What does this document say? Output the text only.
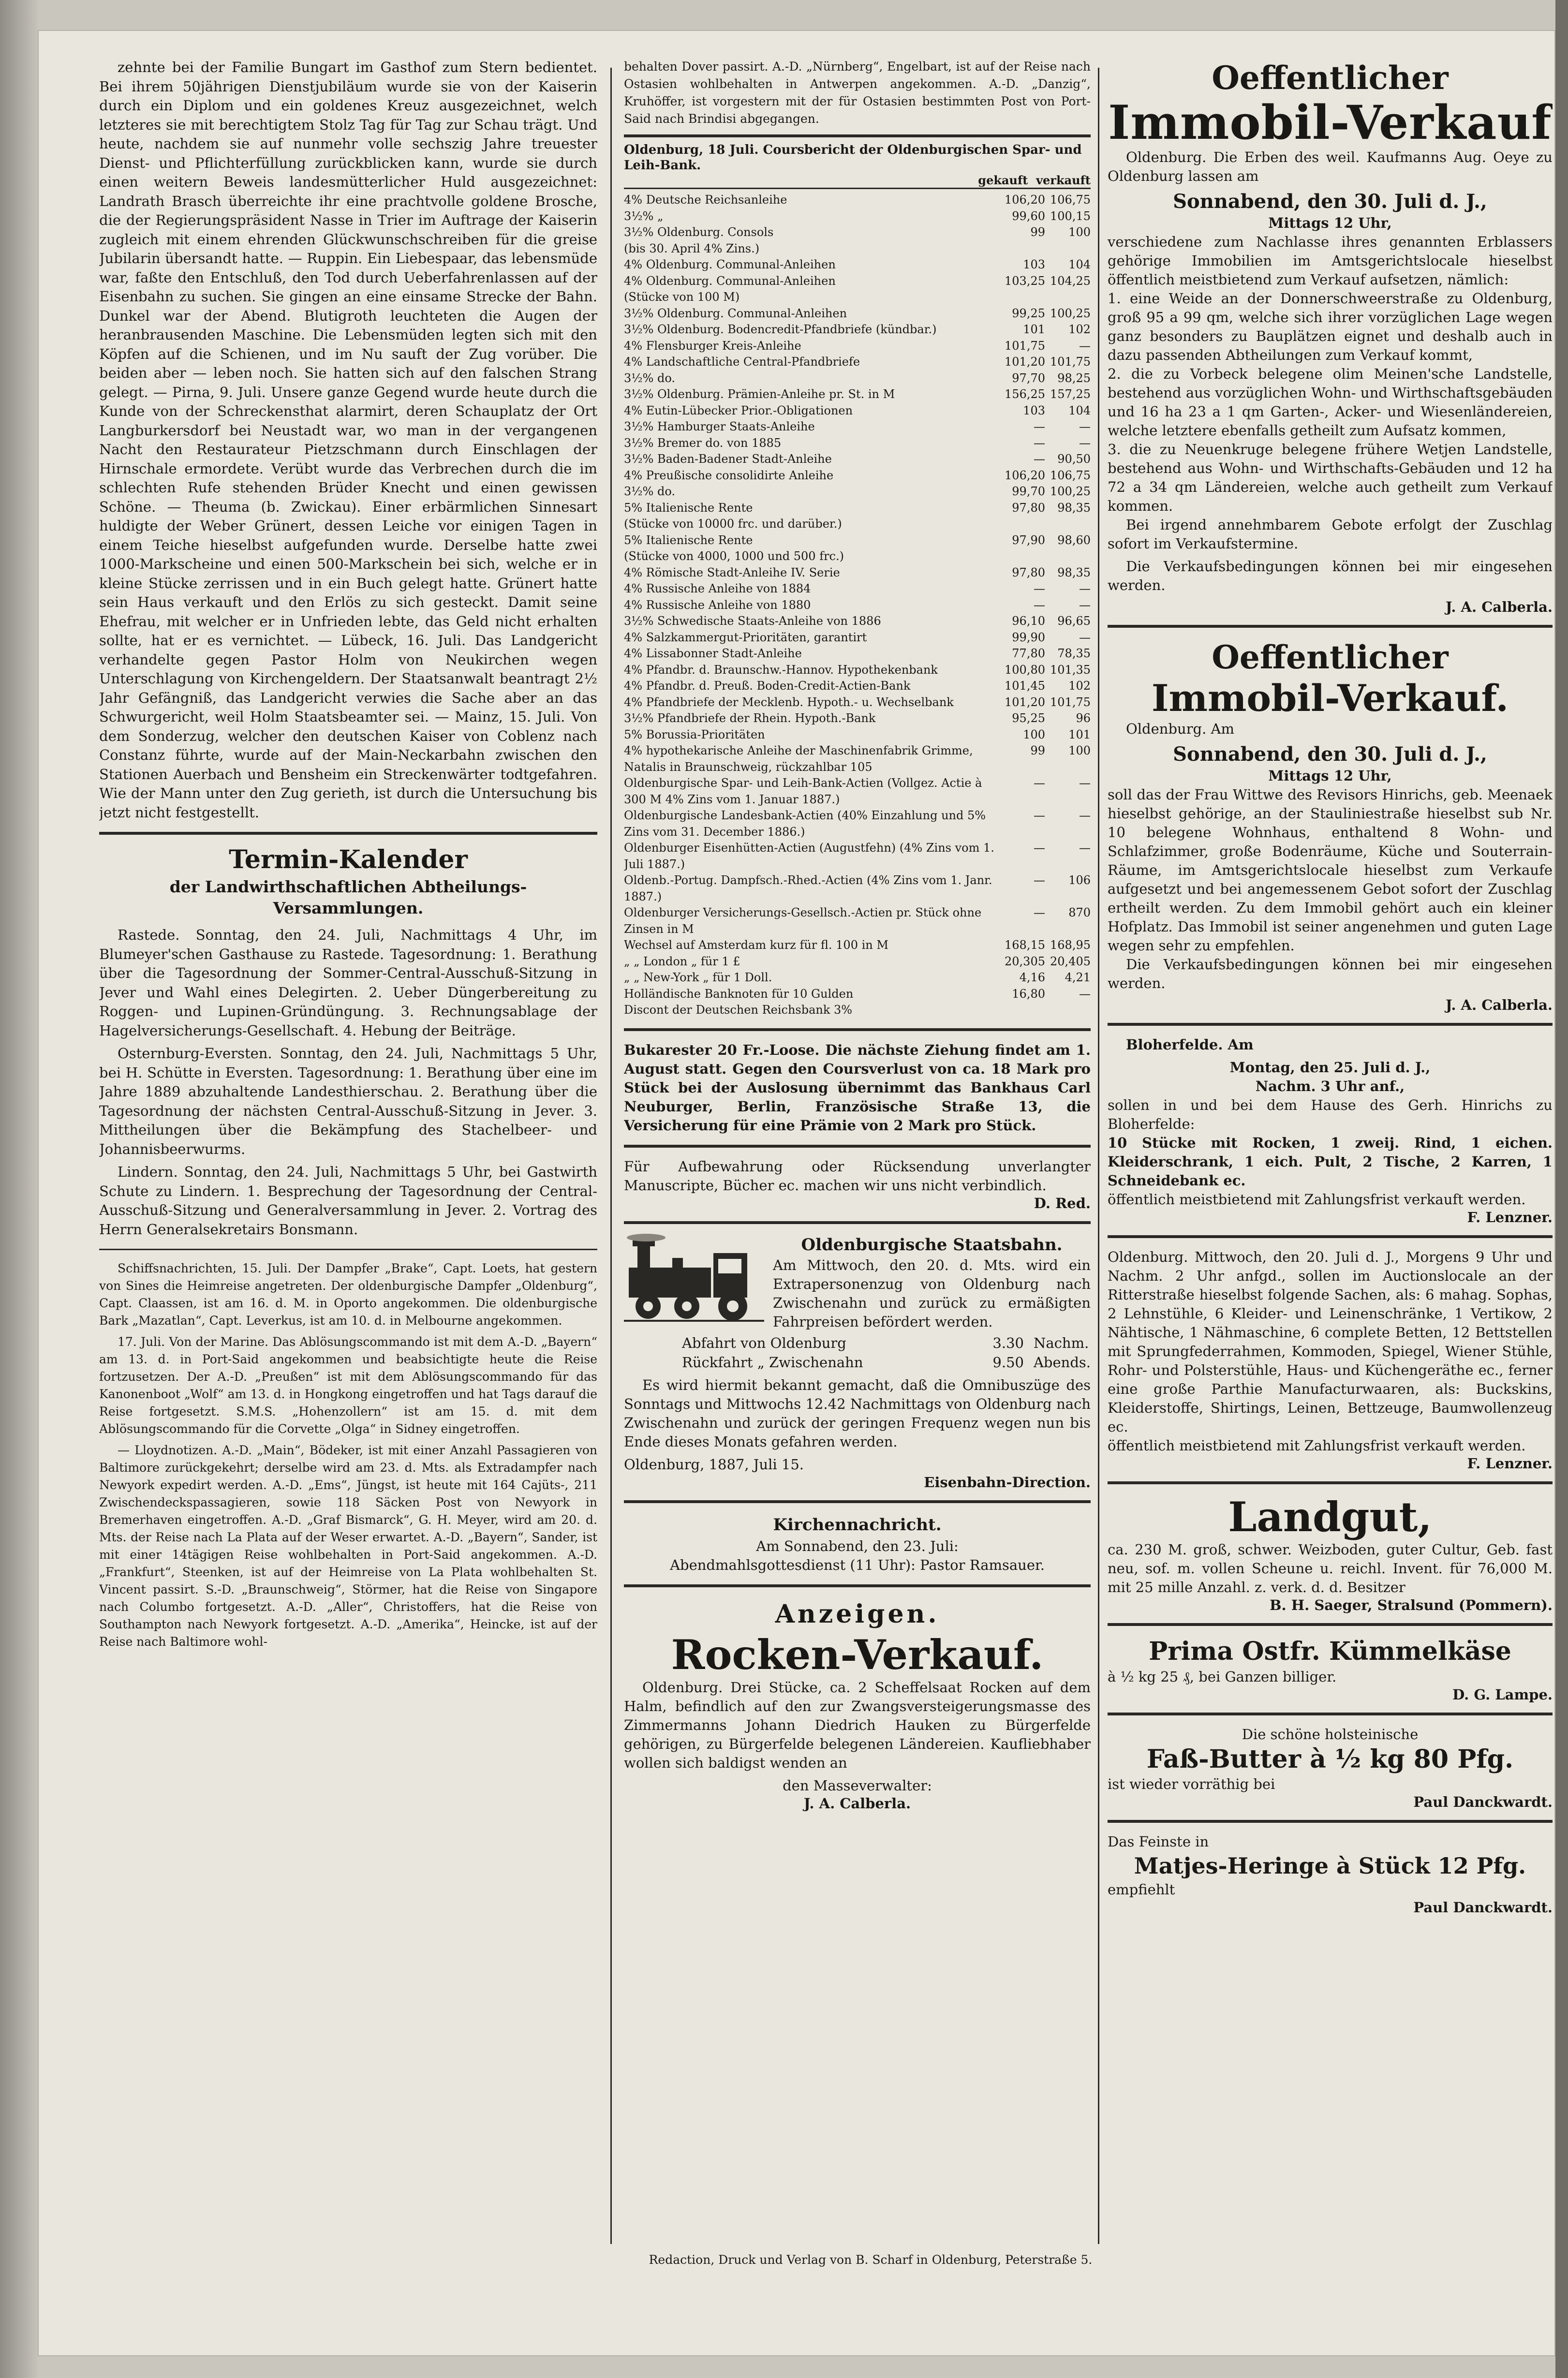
zehnte bei der Familie Bungart im Gasthof zum Stern bedientet. Bei ihrem 50jährigen Dienstjubiläum wurde sie von der Kaiserin durch ein Diplom und ein goldenes Kreuz ausgezeichnet, welch letzteres sie mit berechtigtem Stolz Tag für Tag zur Schau trägt. Und heute, nachdem sie auf nunmehr volle sechszig Jahre treuester Dienst- und Pflichterfüllung zurückblicken kann, wurde sie durch einen weitern Beweis landesmütterlicher Huld ausgezeichnet: Landrath Brasch überreichte ihr eine prachtvolle goldene Brosche, die der Regierungspräsident Nasse in Trier im Auftrage der Kaiserin zugleich mit einem ehrenden Glückwunschschreiben für die greise Jubilarin übersandt hatte. — Ruppin. Ein Liebespaar, das lebensmüde war, faßte den Entschluß, den Tod durch Ueberfahrenlassen auf der Eisenbahn zu suchen. Sie gingen an eine einsame Strecke der Bahn. Dunkel war der Abend. Blutigroth leuchteten die Augen der heranbrausenden Maschine. Die Lebensmüden legten sich mit den Köpfen auf die Schienen, und im Nu sauft der Zug vorüber. Die beiden aber — leben noch. Sie hatten sich auf den falschen Strang gelegt. — Pirna, 9. Juli. Unsere ganze Gegend wurde heute durch die Kunde von der Schreckensthat alarmirt, deren Schauplatz der Ort Langburkersdorf bei Neustadt war, wo man in der vergangenen Nacht den Restaurateur Pietzschmann durch Einschlagen der Hirnschale ermordete. Verübt wurde das Verbrechen durch die im schlechten Rufe stehenden Brüder Knecht und einen gewissen Schöne. — Theuma (b. Zwickau). Einer erbärmlichen Sinnesart huldigte der Weber Grünert, dessen Leiche vor einigen Tagen in einem Teiche hieselbst aufgefunden wurde. Derselbe hatte zwei 1000-Markscheine und einen 500-Markschein bei sich, welche er in kleine Stücke zerrissen und in ein Buch gelegt hatte. Grünert hatte sein Haus verkauft und den Erlös zu sich gesteckt. Damit seine Ehefrau, mit welcher er in Unfrieden lebte, das Geld nicht erhalten sollte, hat er es vernichtet. — Lübeck, 16. Juli. Das Landgericht verhandelte gegen Pastor Holm von Neukirchen wegen Unterschlagung von Kirchengeldern. Der Staatsanwalt beantragt 2½ Jahr Gefängniß, das Landgericht verwies die Sache aber an das Schwurgericht, weil Holm Staatsbeamter sei. — Mainz, 15. Juli. Von dem Sonderzug, welcher den deutschen Kaiser von Coblenz nach Constanz führte, wurde auf der Main-Neckarbahn zwischen den Stationen Auerbach und Bensheim ein Streckenwärter todtgefahren. Wie der Mann unter den Zug gerieth, ist durch die Untersuchung bis jetzt nicht festgestellt.

Termin-Kalender
der Landwirthschaftlichen Abtheilungs-Versammlungen.

Rastede. Sonntag, den 24. Juli, Nachmittags 4 Uhr, im Blumeyer'schen Gasthause zu Rastede. Tagesordnung: 1. Berathung über die Tagesordnung der Sommer-Central-Ausschuß-Sitzung in Jever und Wahl eines Delegirten. 2. Ueber Düngerbereitung zu Roggen- und Lupinen-Gründüngung. 3. Rechnungsablage der Hagelversicherungs-Gesellschaft. 4. Hebung der Beiträge.

Osternburg-Eversten. Sonntag, den 24. Juli, Nachmittags 5 Uhr, bei H. Schütte in Eversten. Tagesordnung: 1. Berathung über eine im Jahre 1889 abzuhaltende Landesthierschau. 2. Berathung über die Tagesordnung der nächsten Central-Ausschuß-Sitzung in Jever. 3. Mittheilungen über die Bekämpfung des Stachelbeer- und Johannisbeerwurms.

Lindern. Sonntag, den 24. Juli, Nachmittags 5 Uhr, bei Gastwirth Schute zu Lindern. 1. Besprechung der Tagesordnung der Central-Ausschuß-Sitzung und Generalversammlung in Jever. 2. Vortrag des Herrn Generalsekretairs Bonsmann.

Schiffsnachrichten, 15. Juli. Der Dampfer „Brake“, Capt. Loets, hat gestern von Sines die Heimreise angetreten. Der oldenburgische Dampfer „Oldenburg“, Capt. Claassen, ist am 16. d. M. in Oporto angekommen. Die oldenburgische Bark „Mazatlan“, Capt. Leverkus, ist am 10. d. in Melbourne angekommen.

17. Juli. Von der Marine. Das Ablösungscommando ist mit dem A.-D. „Bayern“ am 13. d. in Port-Said angekommen und beabsichtigte heute die Reise fortzusetzen. Der A.-D. „Preußen“ ist mit dem Ablösungscommando für das Kanonenboot „Wolf“ am 13. d. in Hongkong eingetroffen und hat Tags darauf die Reise fortgesetzt. S.M.S. „Hohenzollern“ ist am 15. d. mit dem Ablösungscommando für die Corvette „Olga“ in Sidney eingetroffen.

— Lloydnotizen. A.-D. „Main“, Bödeker, ist mit einer Anzahl Passagieren von Baltimore zurückgekehrt; derselbe wird am 23. d. Mts. als Extradampfer nach Newyork expedirt werden. A.-D. „Ems“, Jüngst, ist heute mit 164 Cajüts-, 211 Zwischendeckspassagieren, sowie 118 Säcken Post von Newyork in Bremerhaven eingetroffen. A.-D. „Graf Bismarck“, G. H. Meyer, wird am 20. d. Mts. der Reise nach La Plata auf der Weser erwartet. A.-D. „Bayern“, Sander, ist mit einer 14tägigen Reise wohlbehalten in Port-Said angekommen. A.-D. „Frankfurt“, Steenken, ist auf der Heimreise von La Plata wohlbehalten St. Vincent passirt. S.-D. „Braunschweig“, Störmer, hat die Reise von Singapore nach Columbo fortgesetzt. A.-D. „Aller“, Christoffers, hat die Reise von Southampton nach Newyork fortgesetzt. A.-D. „Amerika“, Heincke, ist auf der Reise nach Baltimore wohl-

behalten Dover passirt. A.-D. „Nürnberg“, Engelbart, ist auf der Reise nach Ostasien wohlbehalten in Antwerpen angekommen. A.-D. „Danzig“, Kruhöffer, ist vorgestern mit der für Ostasien bestimmten Post von Port-Said nach Brindisi abgegangen.

Oldenburg, 18 Juli. Coursbericht der Oldenburgischen Spar- und Leih-Bank.
gekauft verkauft
4% Deutsche Reichsanleihe	106,20	106,75
3½% „	99,60	100,15
3½% Oldenburg. Consols	99	100
(bis 30. April 4% Zins.)		
4% Oldenburg. Communal-Anleihen	103	104
4% Oldenburg. Communal-Anleihen	103,25	104,25
(Stücke von 100 M)		
3½% Oldenburg. Communal-Anleihen	99,25	100,25
3½% Oldenburg. Bodencredit-Pfandbriefe (kündbar.)	101	102
4% Flensburger Kreis-Anleihe	101,75	—
4% Landschaftliche Central-Pfandbriefe	101,20	101,75
3½% do.	97,70	98,25
3½% Oldenburg. Prämien-Anleihe pr. St. in M	156,25	157,25
4% Eutin-Lübecker Prior.-Obligationen	103	104
3½% Hamburger Staats-Anleihe	—	—
3½% Bremer do. von 1885	—	—
3½% Baden-Badener Stadt-Anleihe	—	90,50
4% Preußische consolidirte Anleihe	106,20	106,75
3½% do.	99,70	100,25
5% Italienische Rente	97,80	98,35
(Stücke von 10000 frc. und darüber.)		
5% Italienische Rente	97,90	98,60
(Stücke von 4000, 1000 und 500 frc.)		
4% Römische Stadt-Anleihe IV. Serie	97,80	98,35
4% Russische Anleihe von 1884	—	—
4% Russische Anleihe von 1880	—	—
3½% Schwedische Staats-Anleihe von 1886	96,10	96,65
4% Salzkammergut-Prioritäten, garantirt	99,90	—
4% Lissabonner Stadt-Anleihe	77,80	78,35
4% Pfandbr. d. Braunschw.-Hannov. Hypothekenbank	100,80	101,35
4% Pfandbr. d. Preuß. Boden-Credit-Actien-Bank	101,45	102
4% Pfandbriefe der Mecklenb. Hypoth.- u. Wechselbank	101,20	101,75
3½% Pfandbriefe der Rhein. Hypoth.-Bank	95,25	96
5% Borussia-Prioritäten	100	101
4% hypothekarische Anleihe der Maschinenfabrik Grimme, Natalis in Braunschweig, rückzahlbar 105	99	100
Oldenburgische Spar- und Leih-Bank-Actien (Vollgez. Actie à 300 M 4% Zins vom 1. Januar 1887.)	—	—
Oldenburgische Landesbank-Actien (40% Einzahlung und 5% Zins vom 31. December 1886.)	—	—
Oldenburger Eisenhütten-Actien (Augustfehn) (4% Zins vom 1. Juli 1887.)	—	—
Oldenb.-Portug. Dampfsch.-Rhed.-Actien (4% Zins vom 1. Janr. 1887.)	—	106
Oldenburger Versicherungs-Gesellsch.-Actien pr. Stück ohne Zinsen in M	—	870
Wechsel auf Amsterdam kurz für fl. 100 in M	168,15	168,95
„ „ London „ für 1 £	20,305	20,405
„ „ New-York „ für 1 Doll.	4,16	4,21
Holländische Banknoten für 10 Gulden	16,80	—
Discont der Deutschen Reichsbank 3%		

Bukarester 20 Fr.-Loose. Die nächste Ziehung findet am 1. August statt. Gegen den Coursverlust von ca. 18 Mark pro Stück bei der Auslosung übernimmt das Bankhaus Carl Neuburger, Berlin, Französische Straße 13, die Versicherung für eine Prämie von 2 Mark pro Stück.

Für Aufbewahrung oder Rücksendung unverlangter Manuscripte, Bücher ec. machen wir uns nicht verbindlich.

D. Red.
Oldenburgische Staatsbahn.

Am Mittwoch, den 20. d. Mts. wird ein Extrapersonenzug von Oldenburg nach Zwischenahn und zurück zu ermäßigten Fahrpreisen befördert werden.

Abfahrt von Oldenburg	3.30 Nachm.
Rückfahrt „ Zwischenahn	9.50 Abends.

Es wird hiermit bekannt gemacht, daß die Omnibuszüge des Sonntags und Mittwochs 12.42 Nachmittags von Oldenburg nach Zwischenahn und zurück der geringen Frequenz wegen nun bis Ende dieses Monats gefahren werden.

Oldenburg, 1887, Juli 15.

Eisenbahn-Direction.
Kirchennachricht.

Am Sonnabend, den 23. Juli:

Abendmahlsgottesdienst (11 Uhr): Pastor Ramsauer.

Anzeigen.
Rocken-Verkauf.

Oldenburg. Drei Stücke, ca. 2 Scheffelsaat Rocken auf dem Halm, befindlich auf den zur Zwangsversteigerungsmasse des Zimmermanns Johann Diedrich Hauken zu Bürgerfelde gehörigen, zu Bürgerfelde belegenen Ländereien. Kaufliebhaber wollen sich baldigst wenden an

den Masseverwalter:

J. A. Calberla.
Oeffentlicher
Immobil-Verkauf

Oldenburg. Die Erben des weil. Kaufmanns Aug. Oeye zu Oldenburg lassen am

Sonnabend, den 30. Juli d. J.,
Mittags 12 Uhr,

verschiedene zum Nachlasse ihres genannten Erblassers gehörige Immobilien im Amtsgerichtslocale hieselbst öffentlich meistbietend zum Verkauf aufsetzen, nämlich:

1. eine Weide an der Donnerschweerstraße zu Oldenburg, groß 95 a 99 qm, welche sich ihrer vorzüglichen Lage wegen ganz besonders zu Bauplätzen eignet und deshalb auch in dazu passenden Abtheilungen zum Verkauf kommt,

2. die zu Vorbeck belegene olim Meinen'sche Landstelle, bestehend aus vorzüglichen Wohn- und Wirthschaftsgebäuden und 16 ha 23 a 1 qm Garten-, Acker- und Wiesenländereien, welche letztere ebenfalls getheilt zum Aufsatz kommen,

3. die zu Neuenkruge belegene frühere Wetjen Landstelle, bestehend aus Wohn- und Wirthschafts-Gebäuden und 12 ha 72 a 34 qm Ländereien, welche auch getheilt zum Verkauf kommen.

Bei irgend annehmbarem Gebote erfolgt der Zuschlag sofort im Verkaufstermine.

Die Verkaufsbedingungen können bei mir eingesehen werden.

J. A. Calberla.
Oeffentlicher
Immobil-Verkauf.

Oldenburg. Am

Sonnabend, den 30. Juli d. J.,
Mittags 12 Uhr,

soll das der Frau Wittwe des Revisors Hinrichs, geb. Meenaek hieselbst gehörige, an der Stauliniestraße hieselbst sub Nr. 10 belegene Wohnhaus, enthaltend 8 Wohn- und Schlafzimmer, große Bodenräume, Küche und Souterrain-Räume, im Amtsgerichtslocale hieselbst zum Verkaufe aufgesetzt und bei angemessenem Gebot sofort der Zuschlag ertheilt werden. Zu dem Immobil gehört auch ein kleiner Hofplatz. Das Immobil ist seiner angenehmen und guten Lage wegen sehr zu empfehlen.

Die Verkaufsbedingungen können bei mir eingesehen werden.

J. A. Calberla.

Bloherfelde. Am

Montag, den 25. Juli d. J.,
Nachm. 3 Uhr anf.,

sollen in und bei dem Hause des Gerh. Hinrichs zu Bloherfelde:

10 Stücke mit Rocken, 1 zweij. Rind, 1 eichen. Kleiderschrank, 1 eich. Pult, 2 Tische, 2 Karren, 1 Schneidebank ec.

öffentlich meistbietend mit Zahlungsfrist verkauft werden.

F. Lenzner.

Oldenburg. Mittwoch, den 20. Juli d. J., Morgens 9 Uhr und Nachm. 2 Uhr anfgd., sollen im Auctionslocale an der Ritterstraße hieselbst folgende Sachen, als: 6 mahag. Sophas, 2 Lehnstühle, 6 Kleider- und Leinenschränke, 1 Vertikow, 2 Nähtische, 1 Nähmaschine, 6 complete Betten, 12 Bettstellen mit Sprungfederrahmen, Kommoden, Spiegel, Wiener Stühle, Rohr- und Polsterstühle, Haus- und Küchengeräthe ec., ferner eine große Parthie Manufacturwaaren, als: Buckskins, Kleiderstoffe, Shirtings, Leinen, Bettzeuge, Baumwollenzeug ec.

öffentlich meistbietend mit Zahlungsfrist verkauft werden.

F. Lenzner.
Landgut,

ca. 230 M. groß, schwer. Weizboden, guter Cultur, Geb. fast neu, sof. m. vollen Scheune u. reichl. Invent. für 76,000 M. mit 25 mille Anzahl. z. verk. d. d. Besitzer

B. H. Saeger, Stralsund (Pommern).
Prima Ostfr. Kümmelkäse

à ½ kg 25 ₰, bei Ganzen billiger.

D. G. Lampe.

Die schöne holsteinische

Faß-Butter à ½ kg 80 Pfg.

ist wieder vorräthig bei

Paul Danckwardt.

Das Feinste in

Matjes-Heringe à Stück 12 Pfg.

empfiehlt

Paul Danckwardt.
Redaction, Druck und Verlag von B. Scharf in Oldenburg, Peterstraße 5.
